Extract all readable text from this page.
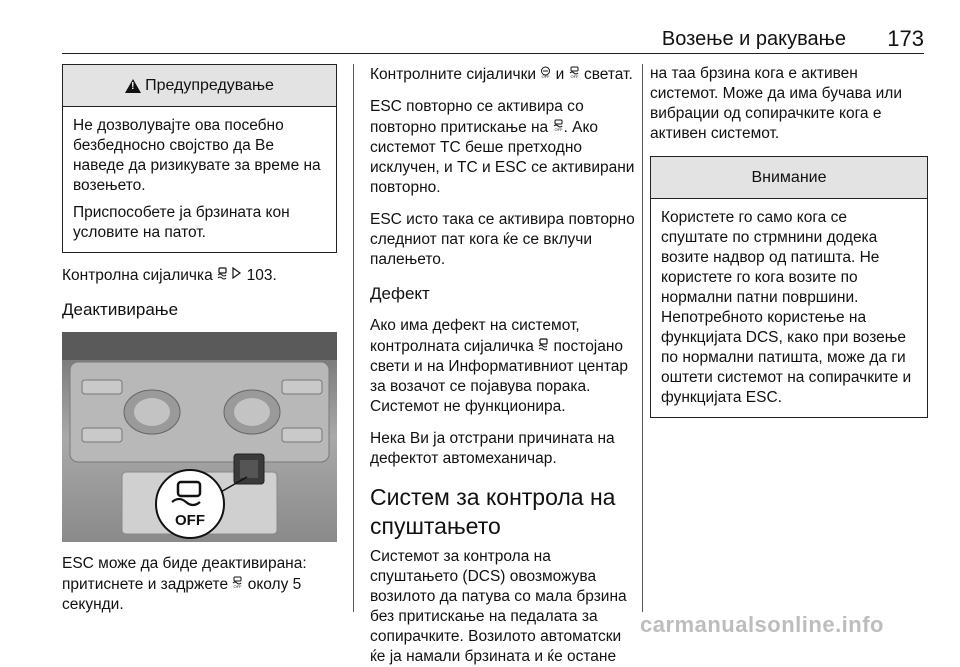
Возење и ракување 173
!
Предупредување

Не дозволувајте ова посебно безбедносно својство да Ве наведе да ризикувате за време на возењето.

Приспособете ја брзината кон условите на патот.

Контролна сијаличка 103.

Деактивирање

OFF

ESC може да биде деактивирана: притиснете и задржете OFF околу 5 секунди.

Контролните сијалички OFF и OFF светат.

ESC повторно се активира со повторно притискање на OFF . Ако системот TC беше претходно исклучен, и TC и ESC се активирани повторно.

ESC исто така се активира повторно следниот пат кога ќе се вклучи палењето.

Дефект

Ако има дефект на системот, контролната сијаличка постојано свети и на Информативниот центар за возачот се појавува порака. Системот не функционира.

Нека Ви ја отстрани причината на дефектот автомеханичар.

Систем за контрола на спуштањето

Системот за контрола на спуштањето (DCS) овозможува возилото да патува со мала брзина без притискање на педалата за сопирачките. Возилото автоматски ќе ја намали брзината и ќе остане

на таа брзина кога е активен системот. Може да има бучава или вибрации од сопирачките кога е активен системот.

Внимание

Користете го само кога се спуштате по стрмнини додека возите надвор од патишта. Не користете го кога возите по нормални патни површини. Непотребното користење на функцијата DCS, како при возење по нормални патишта, може да ги оштети системот на сопирачките и функцијата ESC.

carmanualsonline.info
